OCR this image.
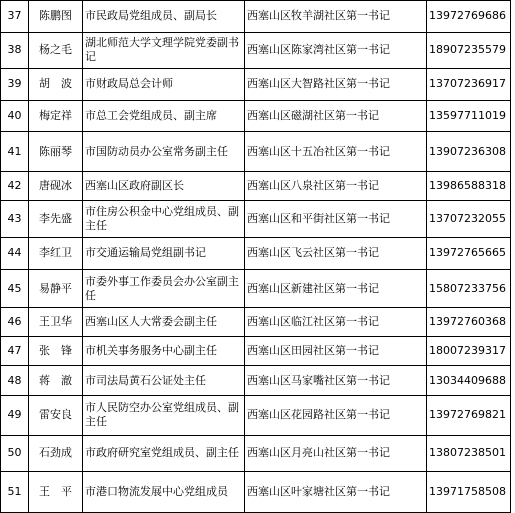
37	陈鹏图	市民政局党组成员、副局长	西塞山区牧羊湖社区第一书记	13972769686
38	杨之毛	湖北师范大学文理学院党委副书记	西塞山区陈家湾社区第一书记	18907235579
39	胡　波	市财政局总会计师	西塞山区大智路社区第一书记	13707236917
40	梅定祥	市总工会党组成员、副主席	西塞山区磁湖社区第一书记	13597711019
41	陈丽琴	市国防动员办公室常务副主任	西塞山区十五冶社区第一书记	13907236308
42	唐砚冰	西塞山区政府副区长	西塞山区八泉社区第一书记	13986588318
43	李先盛	市住房公积金中心党组成员、副主任	西塞山区和平街社区第一书记	13707232055
44	李红卫	市交通运输局党组副书记	西塞山区飞云社区第一书记	13972765665
45	易静平	市委外事工作委员会办公室副主任	西塞山区新建社区第一书记	15807233756
46	王卫华	西塞山区人大常委会副主任	西塞山区临江社区第一书记	13972760368
47	张　锋	市机关事务服务中心副主任	西塞山区田园社区第一书记	18007239317
48	蒋　澈	市司法局黄石公证处主任	西塞山区马家嘴社区第一书记	13034409688
49	雷安良	市人民防空办公室党组成员、副主任	西塞山区花园路社区第一书记	13972769821
50	石劲成	市政府研究室党组成员、副主任	西塞山区月亮山社区第一书记	13807238501
51	王　平	市港口物流发展中心党组成员	西塞山区叶家塘社区第一书记	13971758508
